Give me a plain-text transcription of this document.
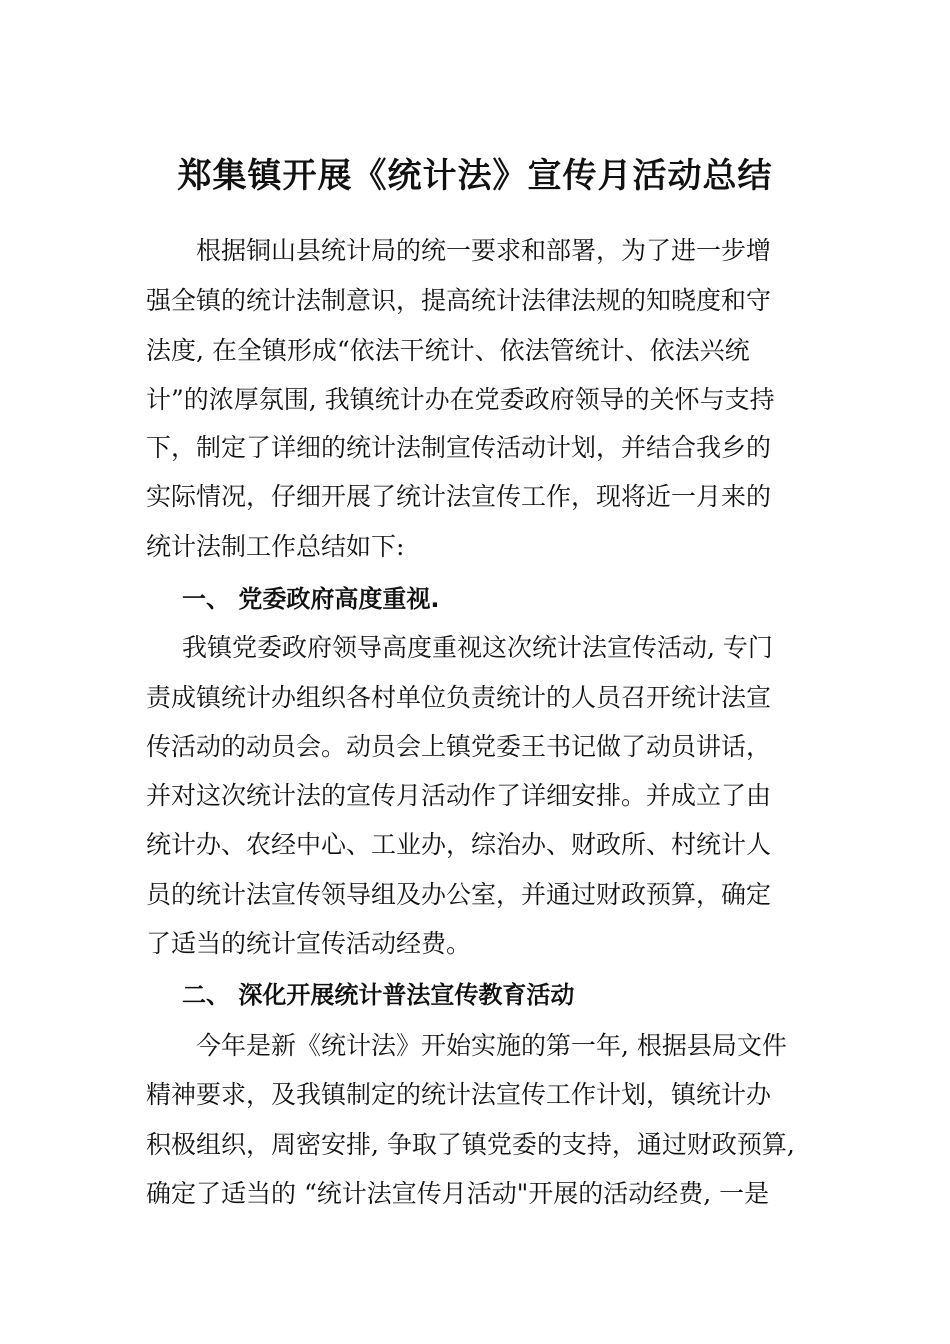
郑集镇开展《统计法》宣传月活动总结
根据铜山县统计局的统一要求和部署，为了进一步增
强全镇的统计法制意识，提高统计法律法规的知晓度和守
法度, 在全镇形成“依法干统计、依法管统计、依法兴统
计”的浓厚氛围, 我镇统计办在党委政府领导的关怀与支持
下，制定了详细的统计法制宣传活动计划，并结合我乡的
实际情况，仔细开展了统计法宣传工作，现将近一月来的
统计法制工作总结如下:
一、 党委政府高度重视.
我镇党委政府领导高度重视这次统计法宣传活动, 专门
责成镇统计办组织各村单位负责统计的人员召开统计法宣
传活动的动员会。动员会上镇党委王书记做了动员讲话，
并对这次统计法的宣传月活动作了详细安排。并成立了由
统计办、农经中心、工业办，综治办、财政所、村统计人
员的统计法宣传领导组及办公室，并通过财政预算，确定
了适当的统计宣传活动经费。
二、 深化开展统计普法宣传教育活动
今年是新《统计法》开始实施的第一年, 根据县局文件
精神要求，及我镇制定的统计法宣传工作计划，镇统计办
积极组织，周密安排, 争取了镇党委的支持，通过财政预算,
确定了适当的 “统计法宣传月活动"开展的活动经费, 一是
